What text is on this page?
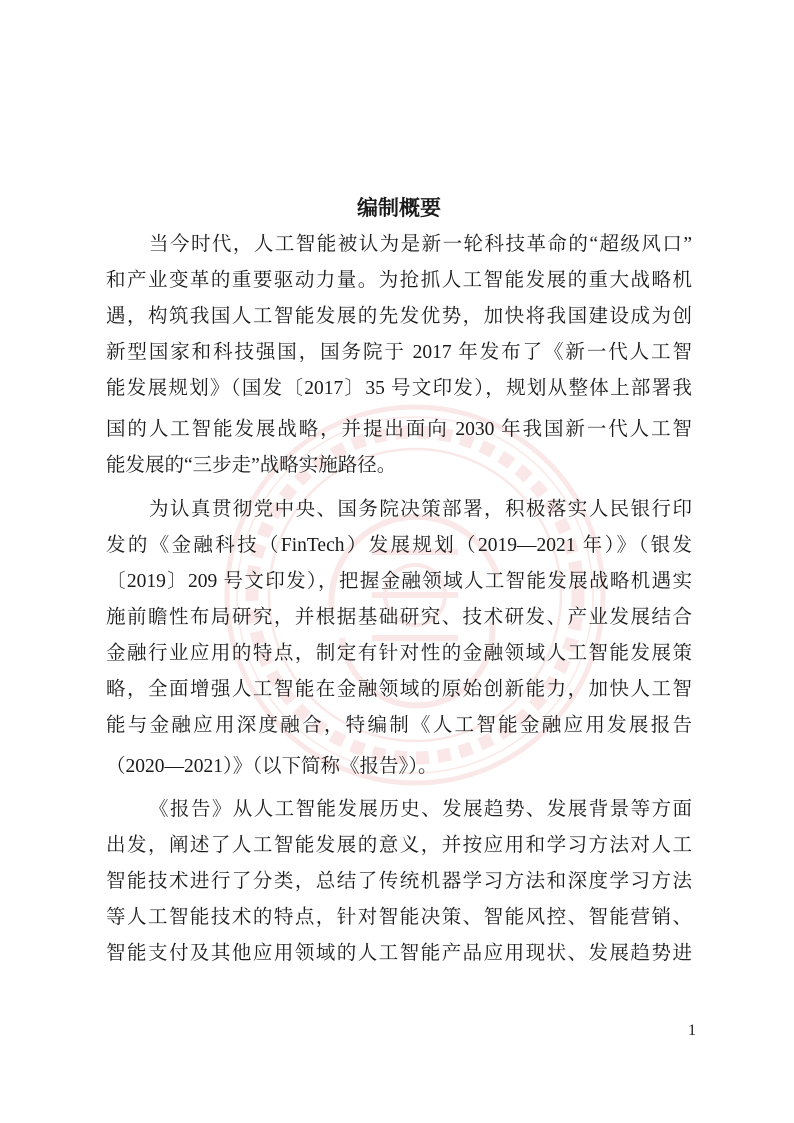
编制概要
当今时代，人工智能被认为是新一轮科技革命的“超级风口”
和产业变革的重要驱动力量。为抢抓人工智能发展的重大战略机
遇，构筑我国人工智能发展的先发优势，加快将我国建设成为创
新型国家和科技强国，国务院于 2017 年发布了《新一代人工智
能发展规划》（国发〔2017〕35 号文印发），规划从整体上部署我
国的人工智能发展战略，并提出面向 2030 年我国新一代人工智
能发展的“三步走”战略实施路径。
为认真贯彻党中央、国务院决策部署，积极落实人民银行印
发的《金融科技（FinTech）发展规划（2019—2021 年）》（银发
〔2019〕209 号文印发），把握金融领域人工智能发展战略机遇实
施前瞻性布局研究，并根据基础研究、技术研发、产业发展结合
金融行业应用的特点，制定有针对性的金融领域人工智能发展策
略，全面增强人工智能在金融领域的原始创新能力，加快人工智
能与金融应用深度融合，特编制《人工智能金融应用发展报告
（2020—2021）》（以下简称《报告》）。
《报告》从人工智能发展历史、发展趋势、发展背景等方面
出发，阐述了人工智能发展的意义，并按应用和学习方法对人工
智能技术进行了分类，总结了传统机器学习方法和深度学习方法
等人工智能技术的特点，针对智能决策、智能风控、智能营销、
智能支付及其他应用领域的人工智能产品应用现状、发展趋势进
1
